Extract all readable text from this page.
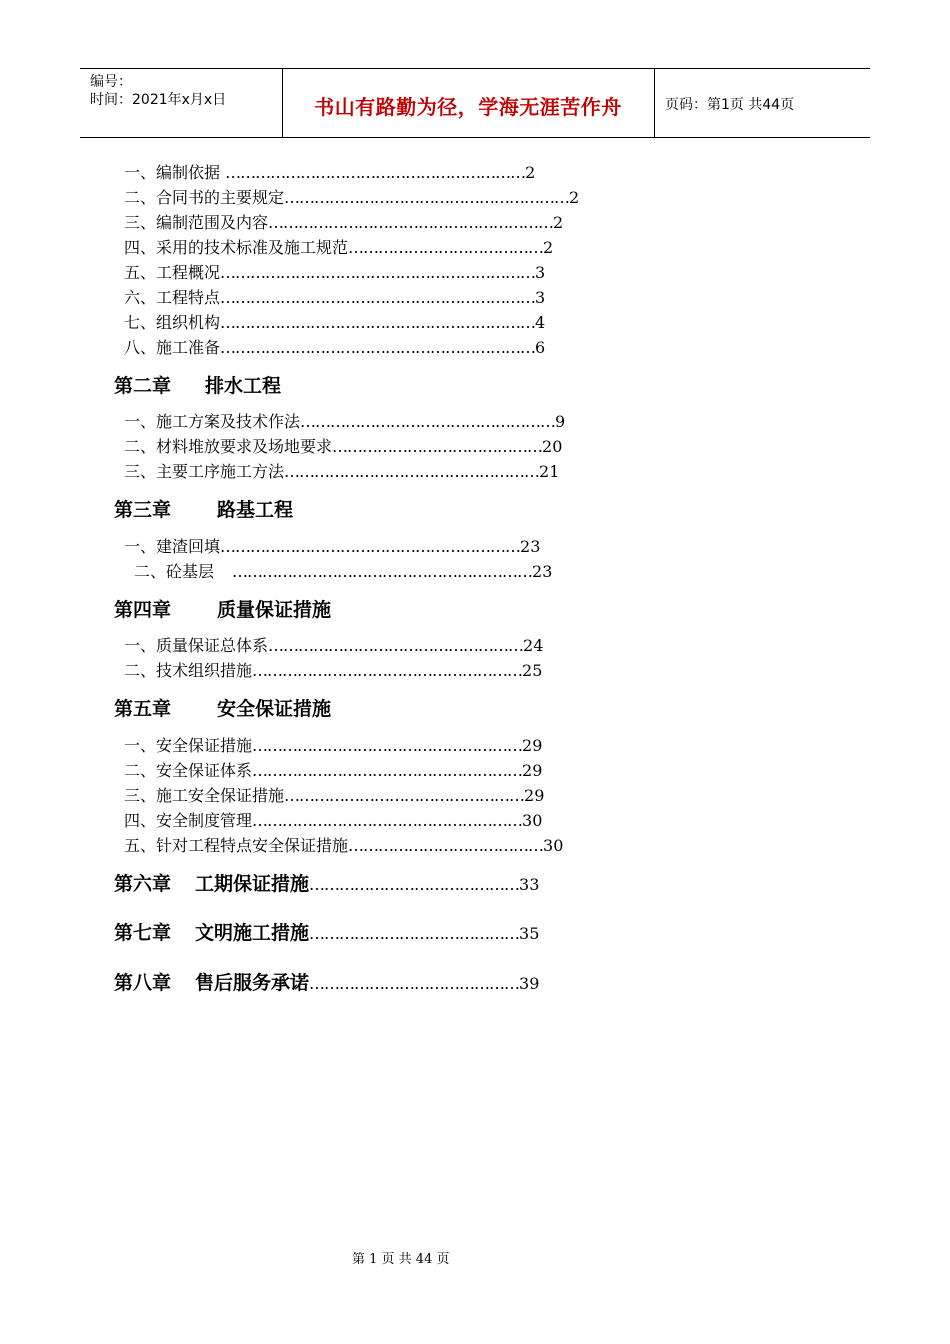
编号：
时间：2021年x月x日	书山有路勤为径，学海无涯苦作舟	页码：第1页 共44页
一、编制依据 ……………………………………………………2
二、合同书的主要规定…………………………………………………2
三、编制范围及内容…………………………………………………2
四、采用的技术标准及施工规范…………………………………2
五、工程概况………………………………………………………3
六、工程特点………………………………………………………3
七、组织机构………………………………………………………4
八、施工准备………………………………………………………6
第二章 排水工程
一、施工方案及技术作法……………………………………………9
二、材料堆放要求及场地要求……………………………………20
三、主要工序施工方法……………………………………………21
第三章 路基工程
一、建渣回填……………………………………………………23
二、砼基层 ……………………………………………………23
第四章 质量保证措施
一、质量保证总体系……………………………………………24
二、技术组织措施………………………………………………25
第五章 安全保证措施
一、安全保证措施………………………………………………29
二、安全保证体系………………………………………………29
三、施工安全保证措施…………………………………………29
四、安全制度管理………………………………………………30
五、针对工程特点安全保证措施…………………………………30
第六章 工期保证措施……………………………………33
第七章 文明施工措施……………………………………35
第八章 售后服务承诺……………………………………39
第 1 页 共 44 页
